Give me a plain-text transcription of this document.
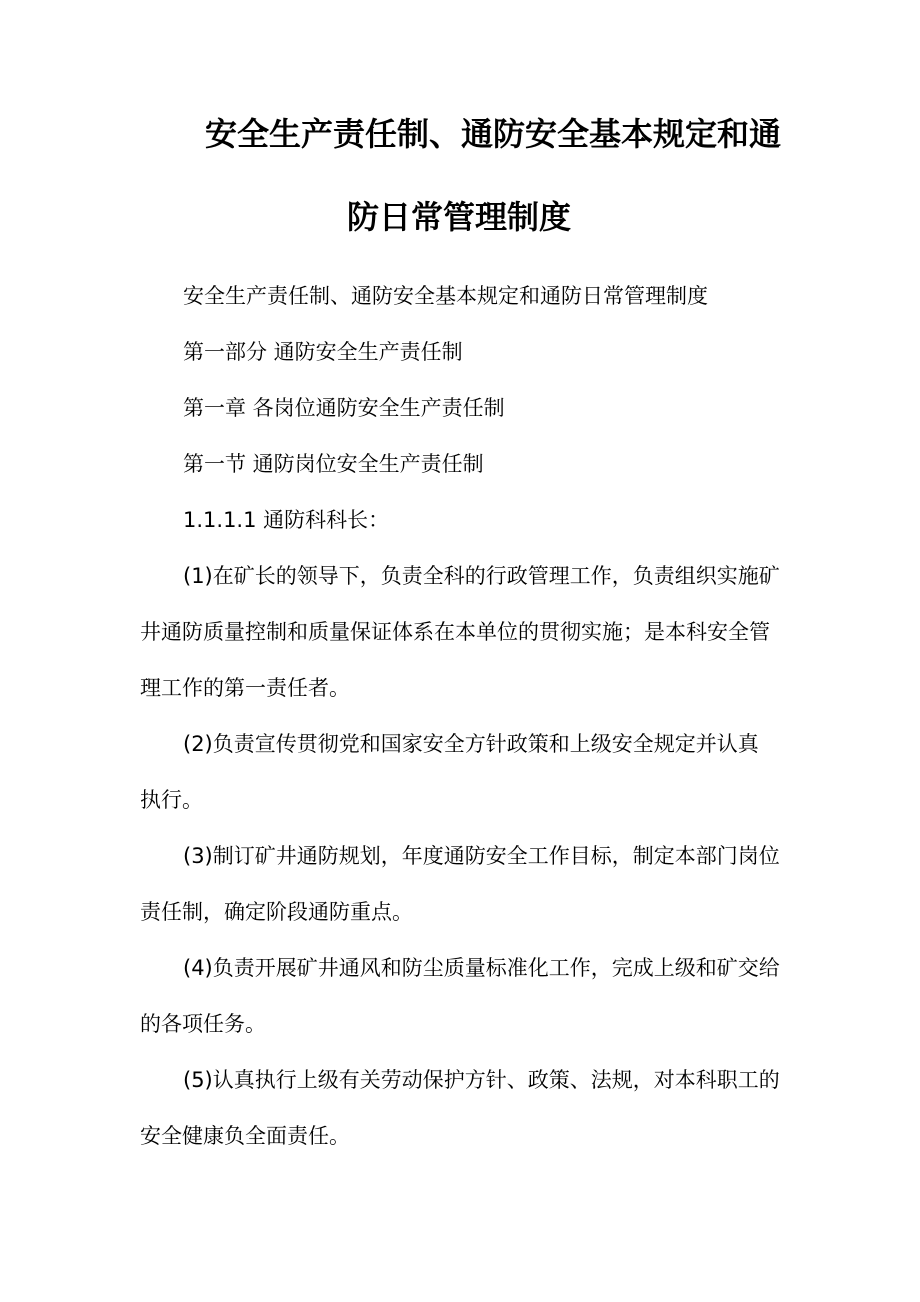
安全生产责任制、通防安全基本规定和通
防日常管理制度
安全生产责任制、通防安全基本规定和通防日常管理制度
第一部分 通防安全生产责任制
第一章 各岗位通防安全生产责任制
第一节 通防岗位安全生产责任制
1.1.1.1 通防科科长：
(1)在矿长的领导下，负责全科的行政管理工作，负责组织实施矿
井通防质量控制和质量保证体系在本单位的贯彻实施；是本科安全管
理工作的第一责任者。
(2)负责宣传贯彻党和国家安全方针政策和上级安全规定并认真
执行。
(3)制订矿井通防规划，年度通防安全工作目标，制定本部门岗位
责任制，确定阶段通防重点。
(4)负责开展矿井通风和防尘质量标准化工作，完成上级和矿交给
的各项任务。
(5)认真执行上级有关劳动保护方针、政策、法规，对本科职工的
安全健康负全面责任。
